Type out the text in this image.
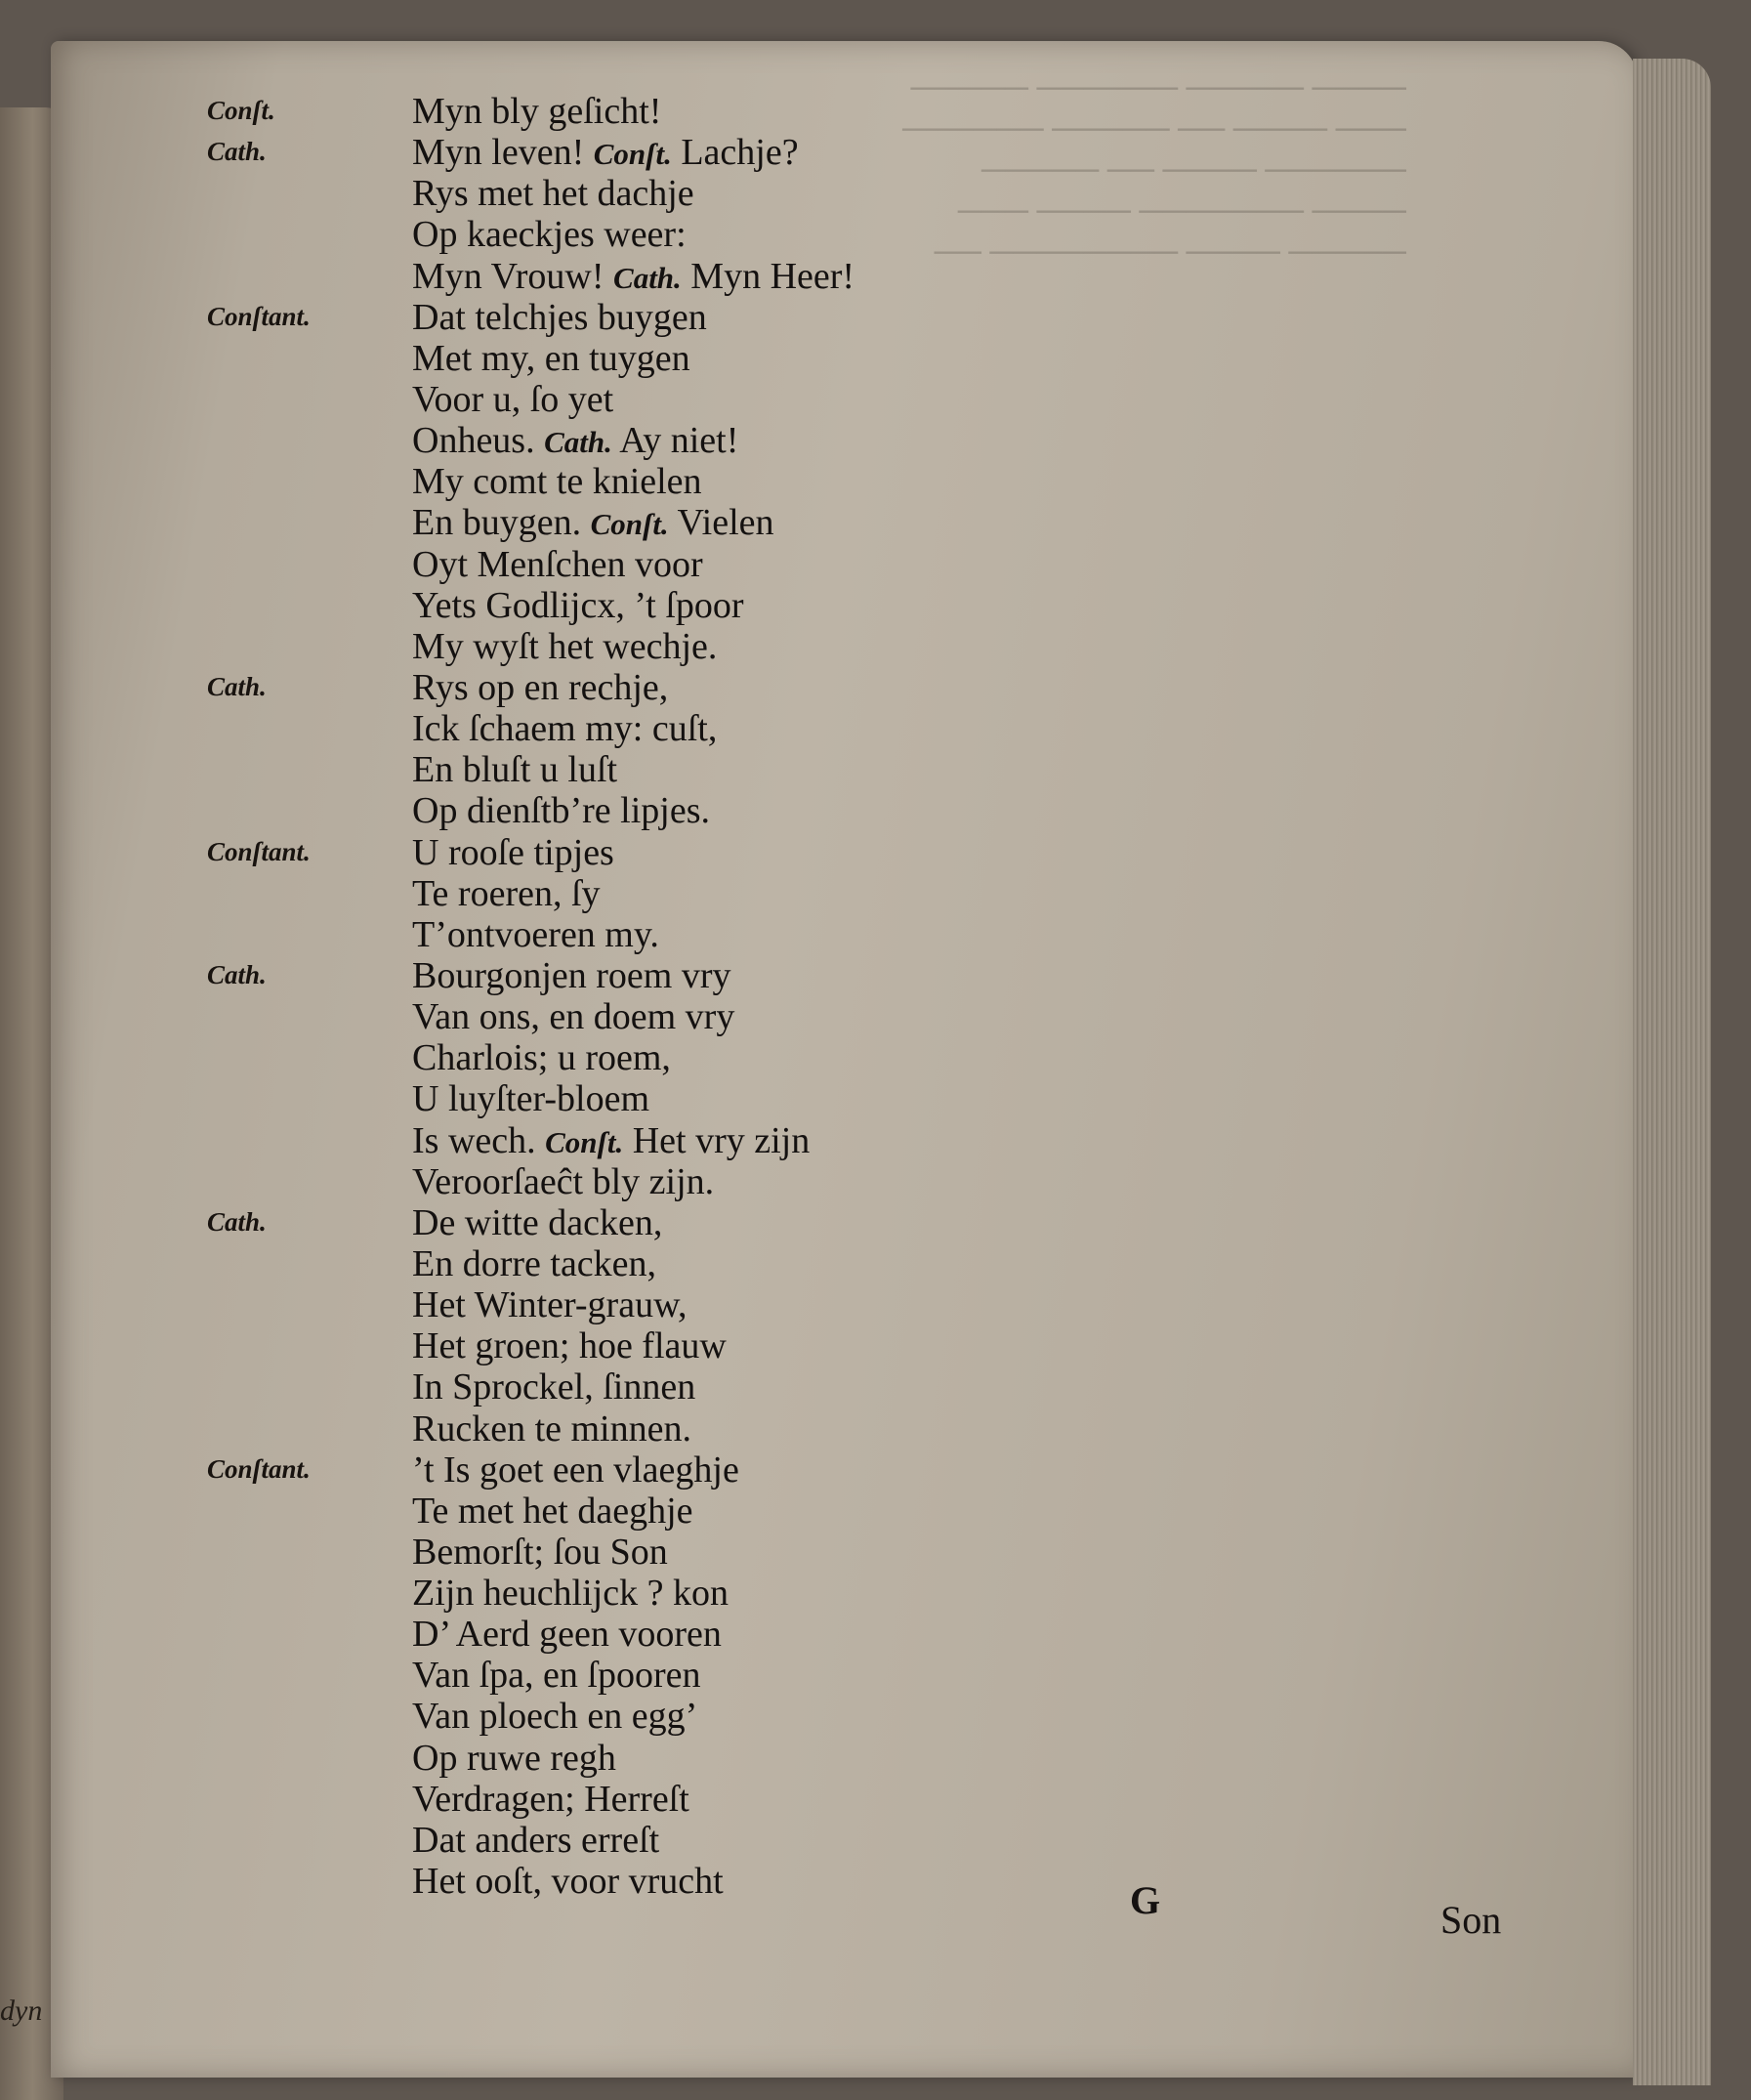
dyn
──── ───── ────── ─────
─── ──── ── ───── ──────
────── ──── ── ─────
──── ─────── ──── ───
───── ──── ──────── ──
Conſt.	Myn bly geſicht!
Cath.	Myn leven! Conſt. Lachje?
Rys met het dachje
Op kaeckjes weer:
Myn Vrouw! Cath. Myn Heer!
Conſtant.	Dat telchjes buygen
Met my, en tuygen
Voor u, ſo yet
Onheus. Cath. Ay niet!
My comt te knielen
En buygen. Conſt. Vielen
Oyt Menſchen voor
Yets Godlijcx, ’t ſpoor
My wyſt het wechje.
Cath.	Rys op en rechje,
Ick ſchaem my: cuſt,
En bluſt u luſt
Op dienſtb’re lipjes.
Conſtant.	U rooſe tipjes
Te roeren, ſy
T’ontvoeren my.
Cath.	Bourgonjen roem vry
Van ons, en doem vry
Charlois; u roem,
U luyſter-bloem
Is wech. Conſt. Het vry zijn
Veroorſaeĉt bly zijn.
Cath.	De witte dacken,
En dorre tacken,
Het Winter-grauw,
Het groen; hoe flauw
In Sprockel, ſinnen
Rucken te minnen.
Conſtant.	’t Is goet een vlaeghje
Te met het daeghje
Bemorſt; ſou Son
Zijn heuchlijck ? kon
D’ Aerd geen vooren
Van ſpa, en ſpooren
Van ploech en egg’
Op ruwe regh
Verdragen; Herreſt
Dat anders erreſt
Het ooſt, voor vrucht	G	Son
